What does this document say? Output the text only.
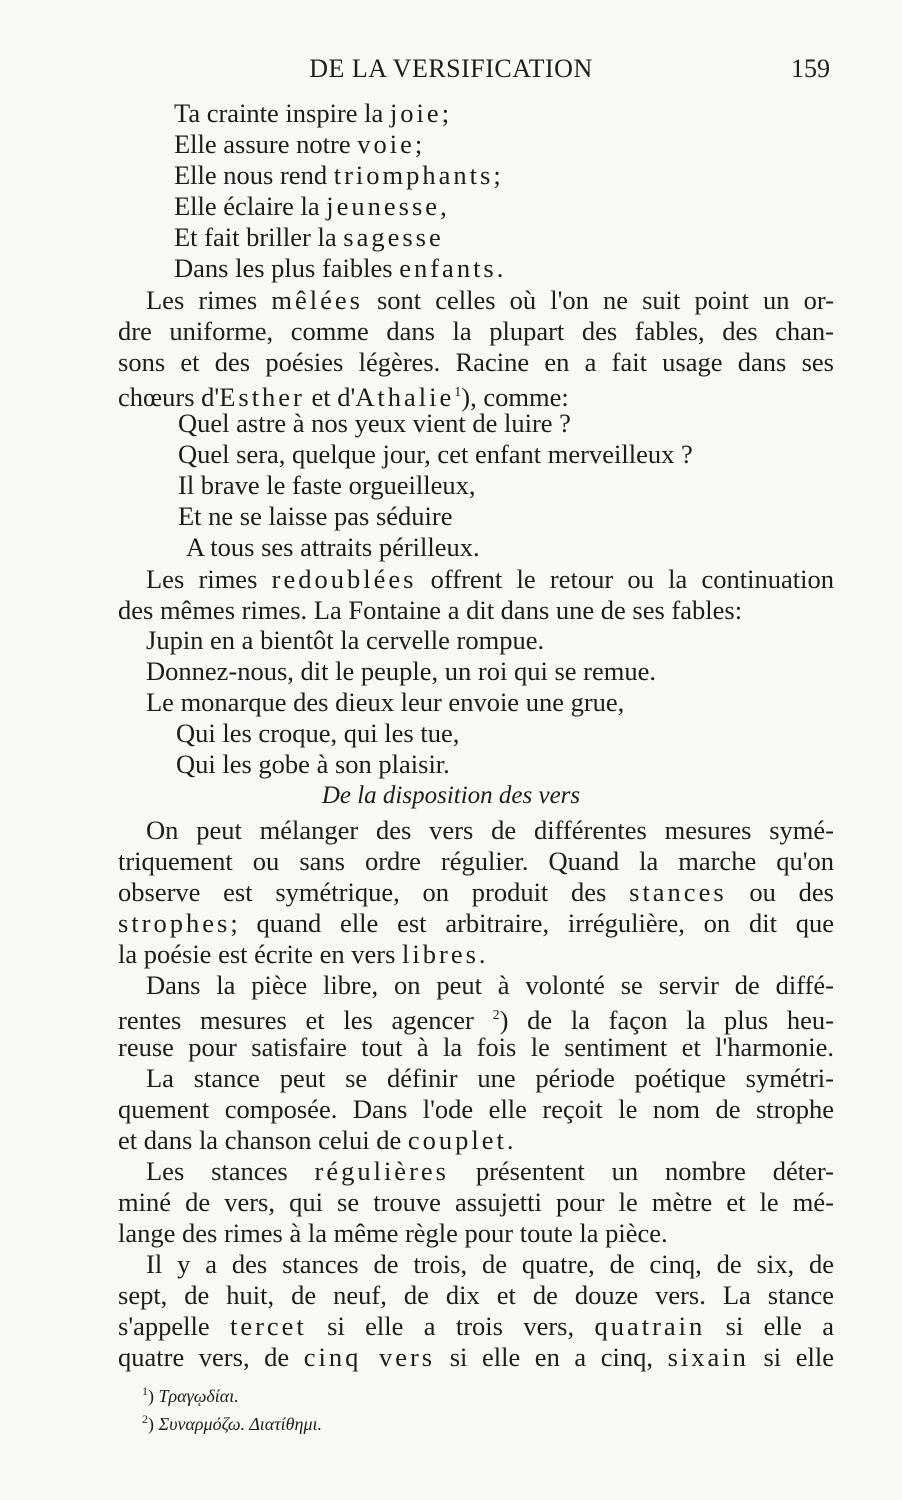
DE LA VERSIFICATION	159
Ta crainte inspire la joie;
Elle assure notre voie;
Elle nous rend triomphants;
Elle éclaire la jeunesse,
Et fait briller la sagesse
Dans les plus faibles enfants.
Les rimes mêlées sont celles où l'on ne suit point un or-
dre uniforme, comme dans la plupart des fables, des chan-
sons et des poésies légères. Racine en a fait usage dans ses
chœurs d'Esther et d'Athalie$^1$), comme:
Quel astre à nos yeux vient de luire ?
Quel sera, quelque jour, cet enfant merveilleux ?
Il brave le faste orgueilleux,
Et ne se laisse pas séduire
A tous ses attraits périlleux.
Les rimes redoublées offrent le retour ou la continuation
des mêmes rimes. La Fontaine a dit dans une de ses fables:
Jupin en a bientôt la cervelle rompue.
Donnez-nous, dit le peuple, un roi qui se remue.
Le monarque des dieux leur envoie une grue,
Qui les croque, qui les tue,
Qui les gobe à son plaisir.
De la disposition des vers
On peut mélanger des vers de différentes mesures symé-
triquement ou sans ordre régulier. Quand la marche qu'on
observe est symétrique, on produit des stances ou des
strophes; quand elle est arbitraire, irrégulière, on dit que
la poésie est écrite en vers libres.
Dans la pièce libre, on peut à volonté se servir de diffé-
rentes mesures et les agencer $^2$) de la façon la plus heu-
reuse pour satisfaire tout à la fois le sentiment et l'harmonie.
La stance peut se définir une période poétique symétri-
quement composée. Dans l'ode elle reçoit le nom de strophe
et dans la chanson celui de couplet.
Les stances régulières présentent un nombre déter-
miné de vers, qui se trouve assujetti pour le mètre et le mé-
lange des rimes à la même règle pour toute la pièce.
Il y a des stances de trois, de quatre, de cinq, de six, de
sept, de huit, de neuf, de dix et de douze vers. La stance
s'appelle tercet si elle a trois vers, quatrain si elle a
quatre vers, de cinq vers si elle en a cinq, sixain si elle
$^1$) Τραγῳδίαι.
$^2$) Συναρμόζω. Διατίθημι.
